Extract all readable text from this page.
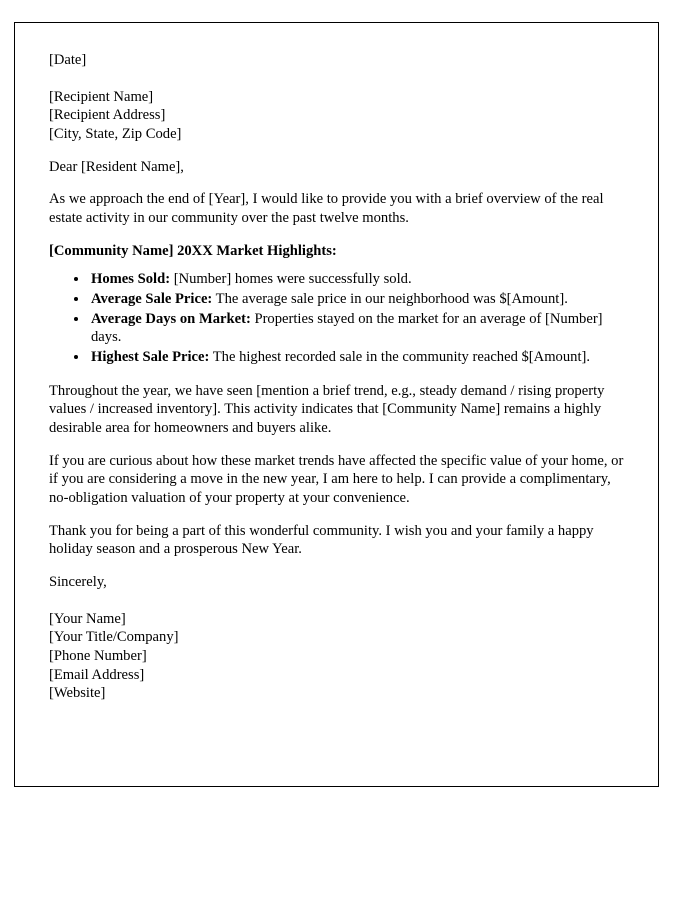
[Date]
[Recipient Name]
[Recipient Address]
[City, State, Zip Code]
Dear [Resident Name],

As we approach the end of [Year], I would like to provide you with a brief overview of the real estate activity in our community over the past twelve months.

[Community Name] 20XX Market Highlights:

• Homes Sold: [Number] homes were successfully sold.
• Average Sale Price: The average sale price in our neighborhood was $[Amount].
• Average Days on Market: Properties stayed on the market for an average of [Number] days.
• Highest Sale Price: The highest recorded sale in the community reached $[Amount].

Throughout the year, we have seen [mention a brief trend, e.g., steady demand / rising property values / increased inventory]. This activity indicates that [Community Name] remains a highly desirable area for homeowners and buyers alike.

If you are curious about how these market trends have affected the specific value of your home, or if you are considering a move in the new year, I am here to help. I can provide a complimentary, no-obligation valuation of your property at your convenience.

Thank you for being a part of this wonderful community. I wish you and your family a happy holiday season and a prosperous New Year.

Sincerely,
[Your Name]
[Your Title/Company]
[Phone Number]
[Email Address]
[Website]
